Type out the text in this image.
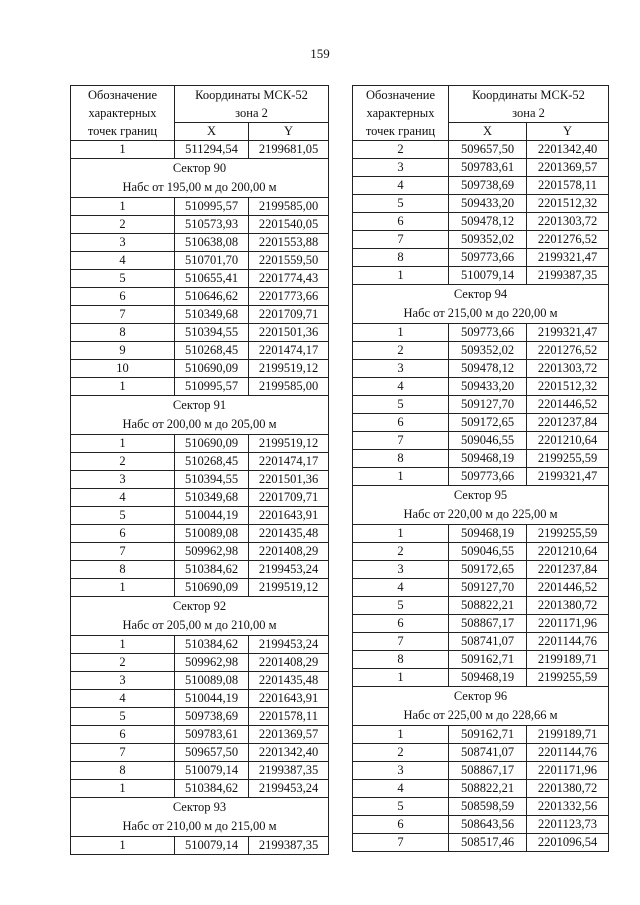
159
Обозначение
характерных
точек границ	Координаты МСК-52
зона 2	

	X	Y
1	511294,54	2199681,05

Сектор 90
Набс от 195,00 м до 200,00 м		

1	510995,57	2199585,00
2	510573,93	2201540,05
3	510638,08	2201553,88
4	510701,70	2201559,50
5	510655,41	2201774,43
6	510646,62	2201773,66
7	510349,68	2201709,71
8	510394,55	2201501,36
9	510268,45	2201474,17
10	510690,09	2199519,12
1	510995,57	2199585,00

Сектор 91
Набс от 200,00 м до 205,00 м		

1	510690,09	2199519,12
2	510268,45	2201474,17
3	510394,55	2201501,36
4	510349,68	2201709,71
5	510044,19	2201643,91
6	510089,08	2201435,48
7	509962,98	2201408,29
8	510384,62	2199453,24
1	510690,09	2199519,12

Сектор 92
Набс от 205,00 м до 210,00 м		

1	510384,62	2199453,24
2	509962,98	2201408,29
3	510089,08	2201435,48
4	510044,19	2201643,91
5	509738,69	2201578,11
6	509783,61	2201369,57
7	509657,50	2201342,40
8	510079,14	2199387,35
1	510384,62	2199453,24

Сектор 93
Набс от 210,00 м до 215,00 м		

1	510079,14	2199387,35
Обозначение
характерных
точек границ	Координаты МСК-52
зона 2	

	X	Y
2	509657,50	2201342,40
3	509783,61	2201369,57
4	509738,69	2201578,11
5	509433,20	2201512,32
6	509478,12	2201303,72
7	509352,02	2201276,52
8	509773,66	2199321,47
1	510079,14	2199387,35

Сектор 94
Набс от 215,00 м до 220,00 м		

1	509773,66	2199321,47
2	509352,02	2201276,52
3	509478,12	2201303,72
4	509433,20	2201512,32
5	509127,70	2201446,52
6	509172,65	2201237,84
7	509046,55	2201210,64
8	509468,19	2199255,59
1	509773,66	2199321,47

Сектор 95
Набс от 220,00 м до 225,00 м		

1	509468,19	2199255,59
2	509046,55	2201210,64
3	509172,65	2201237,84
4	509127,70	2201446,52
5	508822,21	2201380,72
6	508867,17	2201171,96
7	508741,07	2201144,76
8	509162,71	2199189,71
1	509468,19	2199255,59

Сектор 96
Набс от 225,00 м до 228,66 м		

1	509162,71	2199189,71
2	508741,07	2201144,76
3	508867,17	2201171,96
4	508822,21	2201380,72
5	508598,59	2201332,56
6	508643,56	2201123,73
7	508517,46	2201096,54
